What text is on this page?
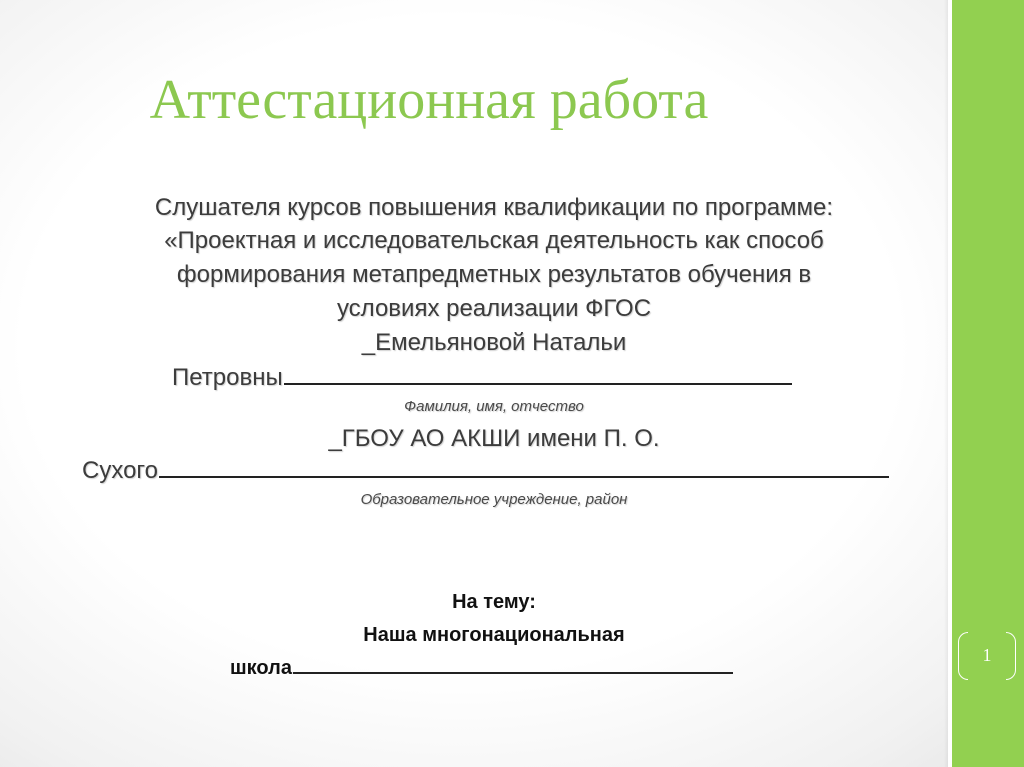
Аттестационная работа

Слушателя курсов повышения квалификации по программе:

«Проектная и исследовательская деятельность как способ

формирования метапредметных результатов обучения в

условиях реализации ФГОС

_Емельяновой Натальи

Петровны

Фамилия, имя, отчество

_ГБОУ АО АКШИ имени П. О.

Сухого

Образовательное учреждение, район

На тему:

Наша многонациональная

школа

1
